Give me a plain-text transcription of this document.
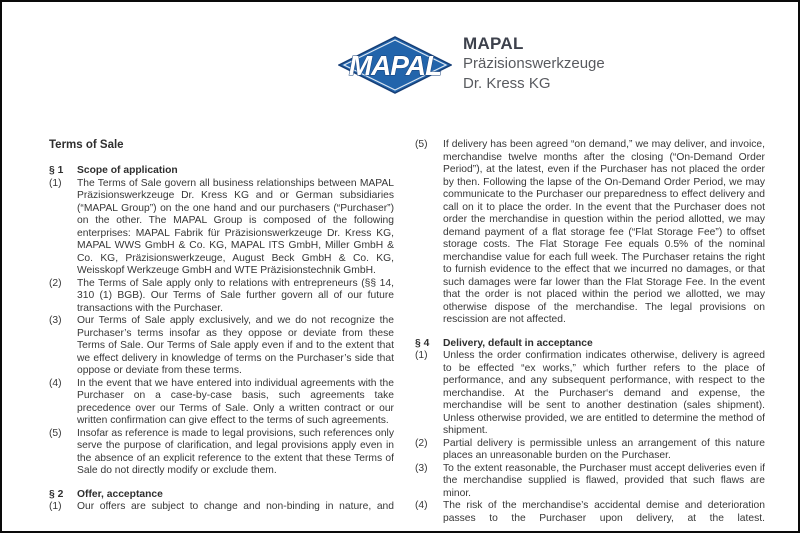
MAPAL
MAPAL
Präzisionswerkzeuge
Dr. Kress KG
Terms of Sale
§ 1 Scope of application
(1) The Terms of Sale govern all business relationships between MAPAL Präzisionswerkzeuge Dr. Kress KG and or German subsidiaries (“MAPAL Group”) on the one hand and our purchasers (“Purchaser”) on the other. The MAPAL Group is composed of the following enterprises: MAPAL Fabrik für Präzisionswerkzeuge Dr. Kress KG, MAPAL WWS GmbH & Co. KG, MAPAL ITS GmbH, Miller GmbH & Co. KG, Präzisionswerkzeuge, August Beck GmbH & Co. KG, Weisskopf Werkzeuge GmbH and WTE Präzisionstechnik GmbH.
(2) The Terms of Sale apply only to relations with entrepreneurs (§§ 14, 310 (1) BGB). Our Terms of Sale further govern all of our future transactions with the Purchaser.
(3) Our Terms of Sale apply exclusively, and we do not recognize the Purchaser’s terms insofar as they oppose or deviate from these Terms of Sale. Our Terms of Sale apply even if and to the extent that we effect delivery in knowledge of terms on the Purchaser’s side that oppose or deviate from these terms.
(4) In the event that we have entered into individual agreements with the Purchaser on a case-by-case basis, such agreements take precedence over our Terms of Sale. Only a written contract or our written confirmation can give effect to the terms of such agreements.
(5) Insofar as reference is made to legal provisions, such references only serve the purpose of clarification, and legal provisions apply even in the absence of an explicit reference to the extent that these Terms of Sale do not directly modify or exclude them.
§ 2 Offer, acceptance
(1) Our offers are subject to change and non-binding in nature, and
(5) If delivery has been agreed “on demand,” we may deliver, and invoice, merchandise twelve months after the closing (“On-Demand Order Period”), at the latest, even if the Purchaser has not placed the order by then. Following the lapse of the On-Demand Order Period, we may communicate to the Purchaser our preparedness to effect delivery and call on it to place the order. In the event that the Purchaser does not order the merchandise in question within the period allotted, we may demand payment of a flat storage fee (“Flat Storage Fee”) to offset storage costs. The Flat Storage Fee equals 0.5% of the nominal merchandise value for each full week. The Purchaser retains the right to furnish evidence to the effect that we incurred no damages, or that such damages were far lower than the Flat Storage Fee. In the event that the order is not placed within the period we allotted, we may otherwise dispose of the merchandise. The legal provisions on rescission are not affected.
§ 4 Delivery, default in acceptance
(1) Unless the order confirmation indicates otherwise, delivery is agreed to be effected “ex works,” which further refers to the place of performance, and any subsequent performance, with respect to the merchandise. At the Purchaser‘s demand and expense, the merchandise will be sent to another destination (sales shipment). Unless otherwise provided, we are entitled to determine the method of shipment.
(2) Partial delivery is permissible unless an arrangement of this nature places an unreasonable burden on the Purchaser.
(3) To the extent reasonable, the Purchaser must accept deliveries even if the merchandise supplied is flawed, provided that such flaws are minor.
(4) The risk of the merchandise’s accidental demise and deterioration passes to the Purchaser upon delivery, at the latest.
